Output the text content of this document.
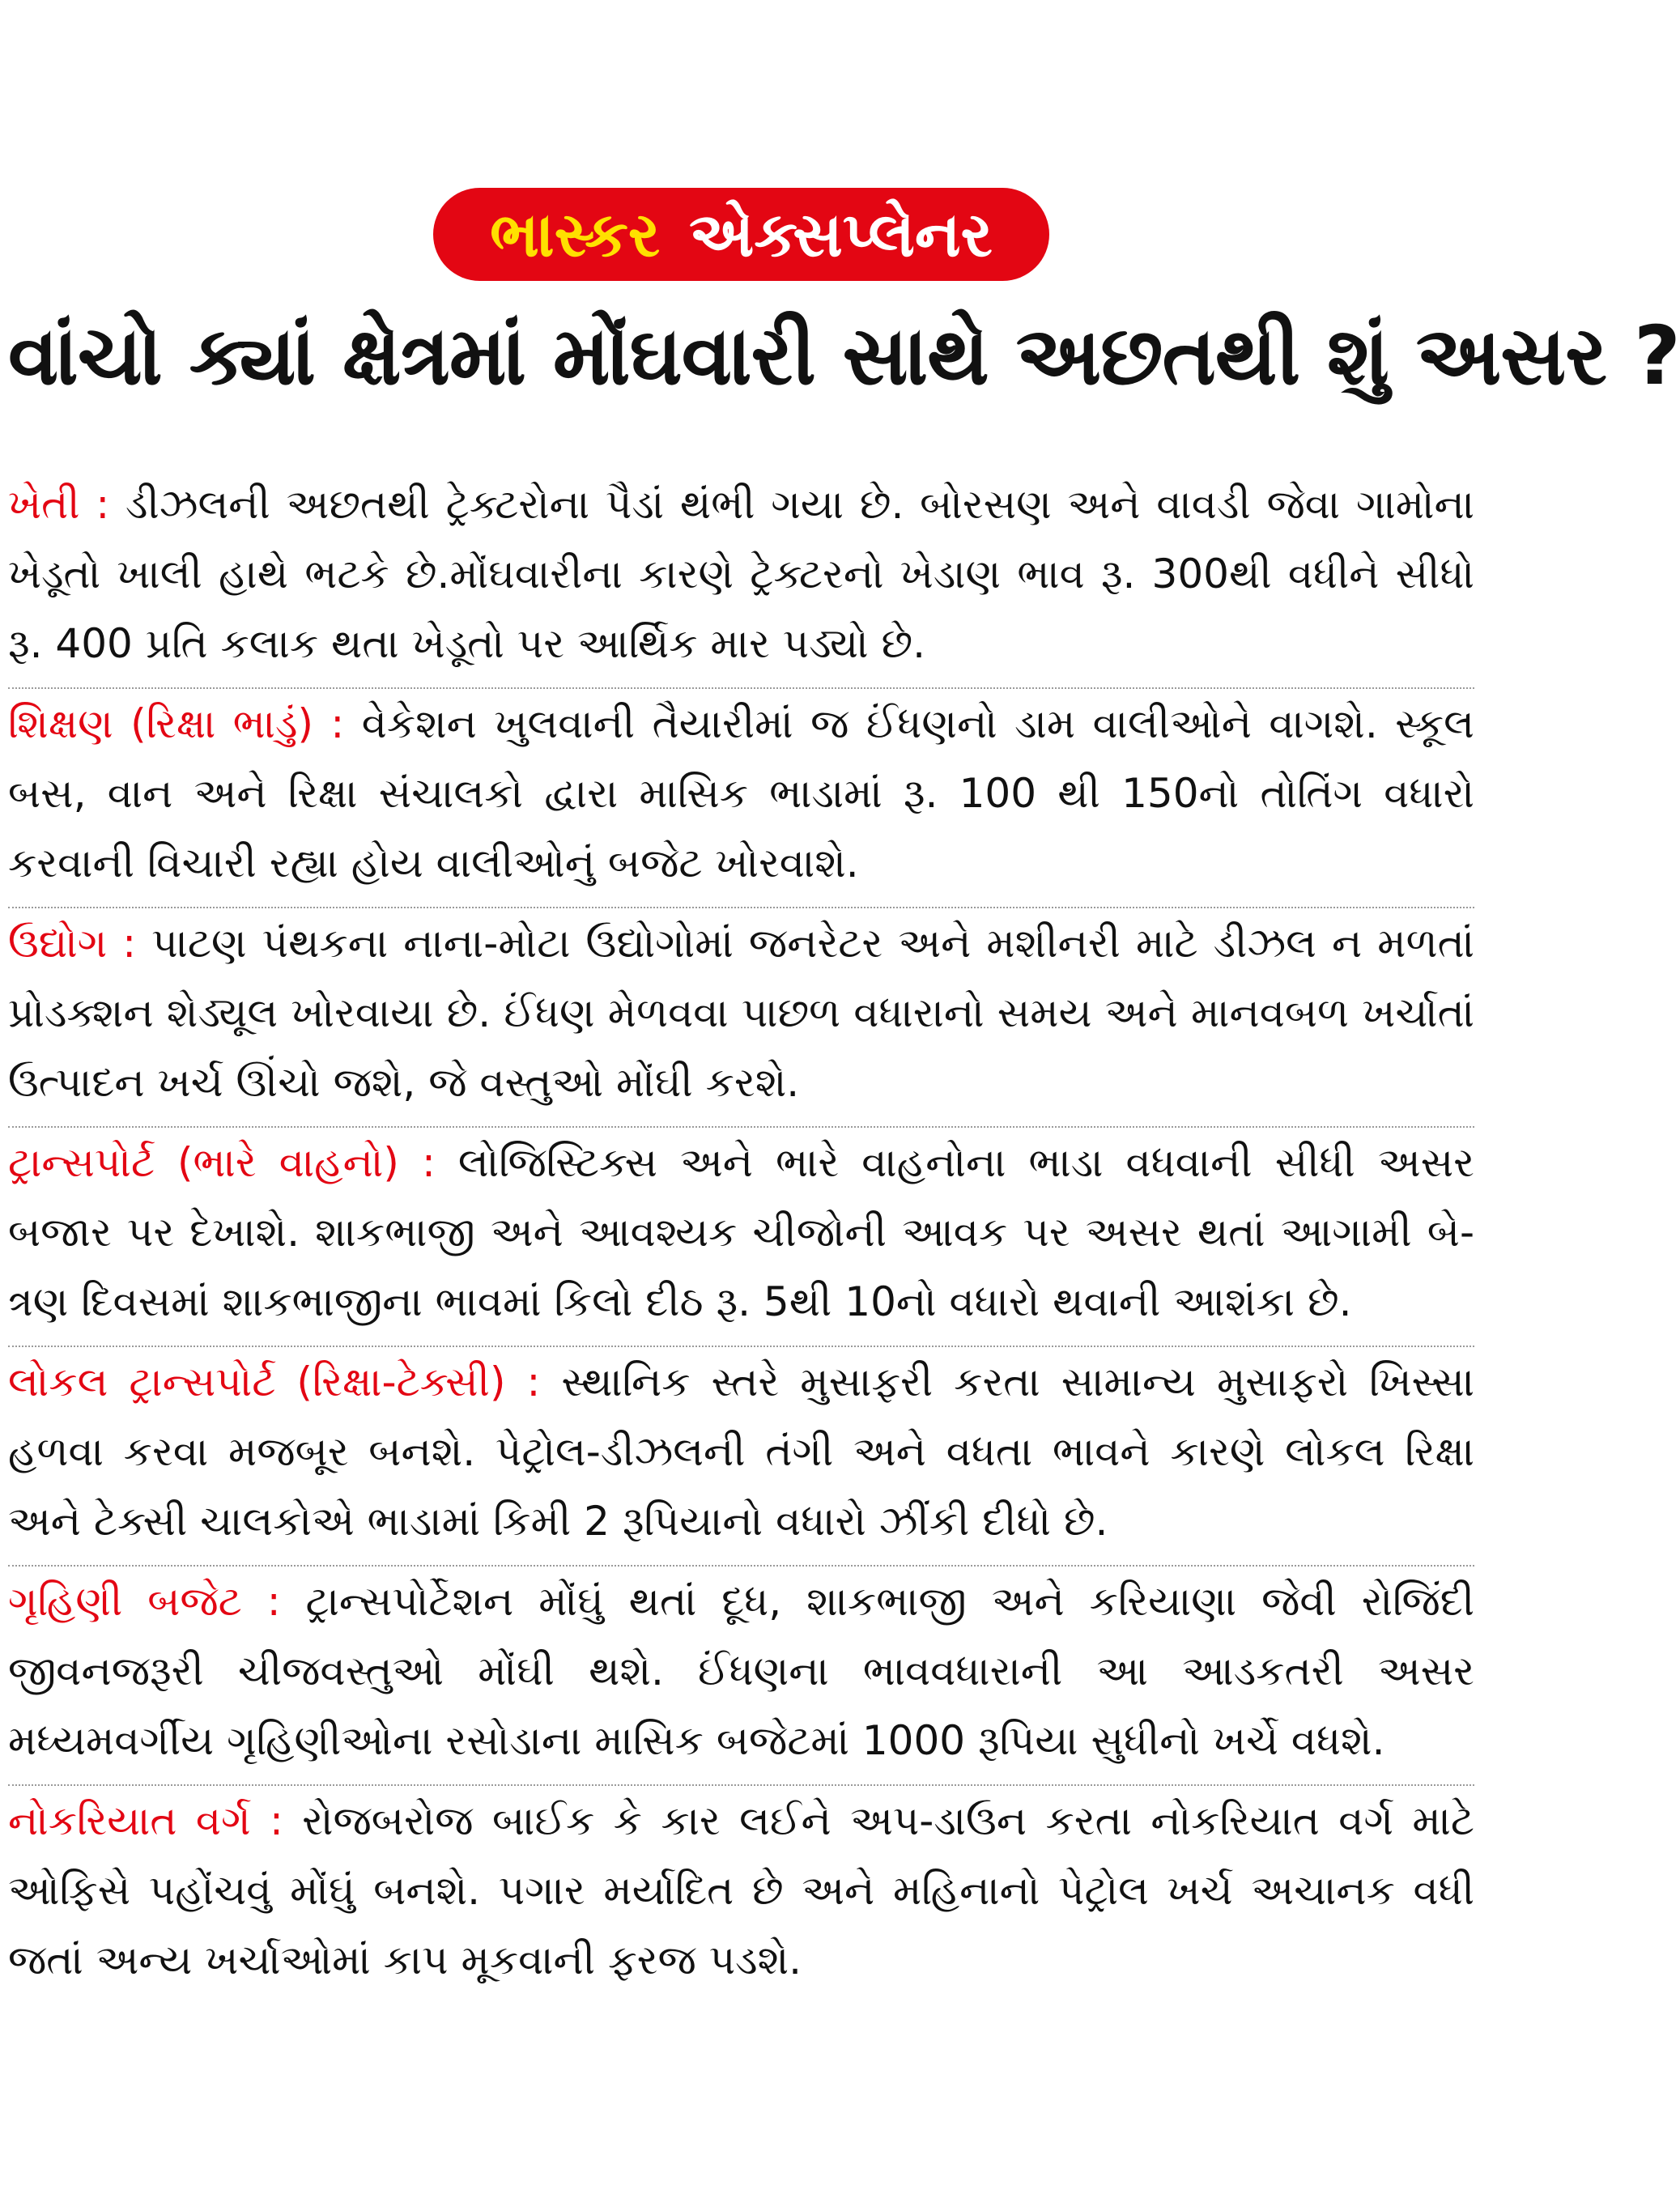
ભાસ્કર એક્સપ્લેનર
વાંચો ક્યાં ક્ષેત્રમાં મોંઘવારી સાથે અછતથી શું અસર ?

ખેતી : ડીઝલની અછતથી ટ્રેક્ટરોના પૈડાં થંભી ગયા છે. બોરસણ અને વાવડી જેવા ગામોના ખેડૂતો ખાલી હાથે ભટકે છે.મોંઘવારીના કારણે ટ્રેક્ટરનો ખેડાણ ભાવ રૂ. 300થી વધીને સીધો રૂ. 400 પ્રતિ કલાક થતા ખેડૂતો પર આર્થિક માર પડ્યો છે.

શિક્ષણ (રિક્ષા ભાડું) : વેકેશન ખુલવાની તૈયારીમાં જ ઈંધણનો ડામ વાલીઓને વાગશે. સ્કૂલ બસ, વાન અને રિક્ષા સંચાલકો દ્વારા માસિક ભાડામાં રૂ. 100 થી 150નો તોતિંગ વધારો કરવાની વિચારી રહ્યા હોય વાલીઓનું બજેટ ખોરવાશે.

ઉદ્યોગ : પાટણ પંથકના નાના-મોટા ઉદ્યોગોમાં જનરેટર અને મશીનરી માટે ડીઝલ ન મળતાં પ્રોડક્શન શેડ્યૂલ ખોરવાયા છે. ઈંધણ મેળવવા પાછળ વધારાનો સમય અને માનવબળ ખર્ચાતાં ઉત્પાદન ખર્ચ ઊંચો જશે, જે વસ્તુઓ મોંઘી કરશે.

ટ્રાન્સપોર્ટ (ભારે વાહનો) : લોજિસ્ટિક્સ અને ભારે વાહનોના ભાડા વધવાની સીધી અસર બજાર પર દેખાશે. શાકભાજી અને આવશ્યક ચીજોની આવક પર અસર થતાં આગામી બે-ત્રણ દિવસમાં શાકભાજીના ભાવમાં કિલો દીઠ રૂ. 5થી 10નો વધારો થવાની આશંકા છે.

લોકલ ટ્રાન્સપોર્ટ (રિક્ષા-ટેક્સી) : સ્થાનિક સ્તરે મુસાફરી કરતા સામાન્ય મુસાફરો ખિસ્સા હળવા કરવા મજબૂર બનશે. પેટ્રોલ-ડીઝલની તંગી અને વધતા ભાવને કારણે લોકલ રિક્ષા અને ટેક્સી ચાલકોએ ભાડામાં કિમી 2 રૂપિયાનો વધારો ઝીંકી દીધો છે.

ગૃહિણી બજેટ : ટ્રાન્સપોર્ટેશન મોંઘું થતાં દૂધ, શાકભાજી અને કરિયાણા જેવી રોજિંદી જીવનજરૂરી ચીજવસ્તુઓ મોંઘી થશે. ઈંધણના ભાવવધારાની આ આડકતરી અસર મધ્યમવર્ગીય ગૃહિણીઓના રસોડાના માસિક બજેટમાં 1000 રૂપિયા સુધીનો ખર્ચે વધશે.

નોકરિયાત વર્ગ : રોજબરોજ બાઈક કે કાર લઈને અપ-ડાઉન કરતા નોકરિયાત વર્ગ માટે ઓફિસે પહોંચવું મોંઘું બનશે. પગાર મર્યાદિત છે અને મહિનાનો પેટ્રોલ ખર્ચ અચાનક વધી જતાં અન્ય ખર્ચાઓમાં કાપ મૂકવાની ફરજ પડશે.
